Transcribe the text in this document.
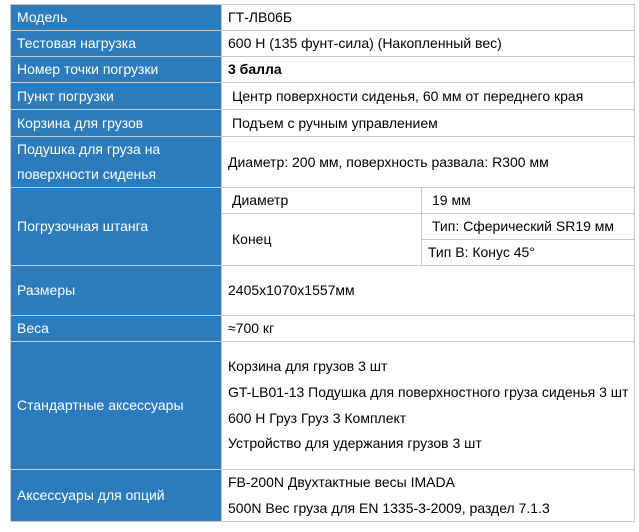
Модель	ГТ-ЛВ06Б	
Тестовая нагрузка	600 Н (135 фунт-сила) (Накопленный вес)	
Номер точки погрузки	3 балла	
Пункт погрузки	Центр поверхности сиденья, 60 мм от переднего края	
Корзина для грузов	Подъем с ручным управлением	
Подушка для груза на поверхности сиденья	Диаметр: 200 мм, поверхность развала: R300 мм	
Погрузочная штанга	Диаметр	19 мм
	Конец	Тип: Сферический SR19 мм
		Тип B: Конус 45°
Размеры	2405x1070x1557мм	
Веса	≈700 кг	
Стандартные аксессуары	Корзина для грузов 3 шт
GT-LB01-13 Подушка для поверхностного груза сиденья 3 шт
600 Н Груз Груз 3 Комплект
Устройство для удержания грузов 3 шт	

Аксессуары для опций	FB-200N Двухтактные весы IMADA
500N Вес груза для EN 1335-3-2009, раздел 7.1.3	
